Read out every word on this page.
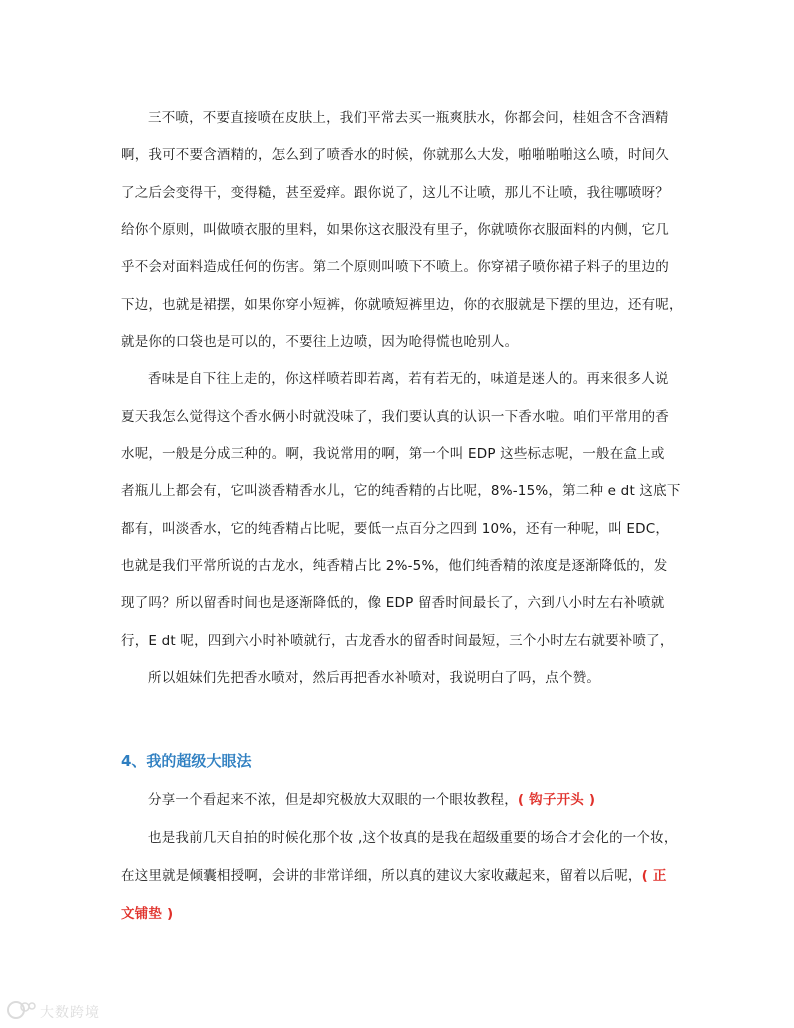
三不喷，不要直接喷在皮肤上，我们平常去买一瓶爽肤水，你都会问，桂姐含不含酒精
啊，我可不要含酒精的，怎么到了喷香水的时候，你就那么大发，啪啪啪啪这么喷，时间久
了之后会变得干，变得糙，甚至爱痒。跟你说了，这儿不让喷，那儿不让喷，我往哪喷呀？
给你个原则，叫做喷衣服的里料，如果你这衣服没有里子，你就喷你衣服面料的内侧，它几
乎不会对面料造成任何的伤害。第二个原则叫喷下不喷上。你穿裙子喷你裙子料子的里边的
下边，也就是裙摆，如果你穿小短裤，你就喷短裤里边，你的衣服就是下摆的里边，还有呢，
就是你的口袋也是可以的，不要往上边喷，因为呛得慌也呛别人。
香味是自下往上走的，你这样喷若即若离，若有若无的，味道是迷人的。再来很多人说
夏天我怎么觉得这个香水俩小时就没味了，我们要认真的认识一下香水啦。咱们平常用的香
水呢，一般是分成三种的。啊，我说常用的啊，第一个叫 EDP 这些标志呢，一般在盒上或
者瓶儿上都会有，它叫淡香精香水儿，它的纯香精的占比呢，8%-15%，第二种 e dt 这底下
都有，叫淡香水，它的纯香精占比呢，要低一点百分之四到 10%，还有一种呢，叫 EDC，
也就是我们平常所说的古龙水，纯香精占比 2%-5%，他们纯香精的浓度是逐渐降低的，发
现了吗？所以留香时间也是逐渐降低的，像 EDP 留香时间最长了，六到八小时左右补喷就
行，E dt 呢，四到六小时补喷就行，古龙香水的留香时间最短，三个小时左右就要补喷了，
所以姐妹们先把香水喷对，然后再把香水补喷对，我说明白了吗，点个赞。
4、我的超级大眼法
分享一个看起来不浓，但是却究极放大双眼的一个眼妆教程，( 钩子开头 )
也是我前几天自拍的时候化那个妆 ,这个妆真的是我在超级重要的场合才会化的一个妆，
在这里就是倾囊相授啊，会讲的非常详细，所以真的建议大家收藏起来，留着以后呢，( 正
文铺垫 )
大数跨境
